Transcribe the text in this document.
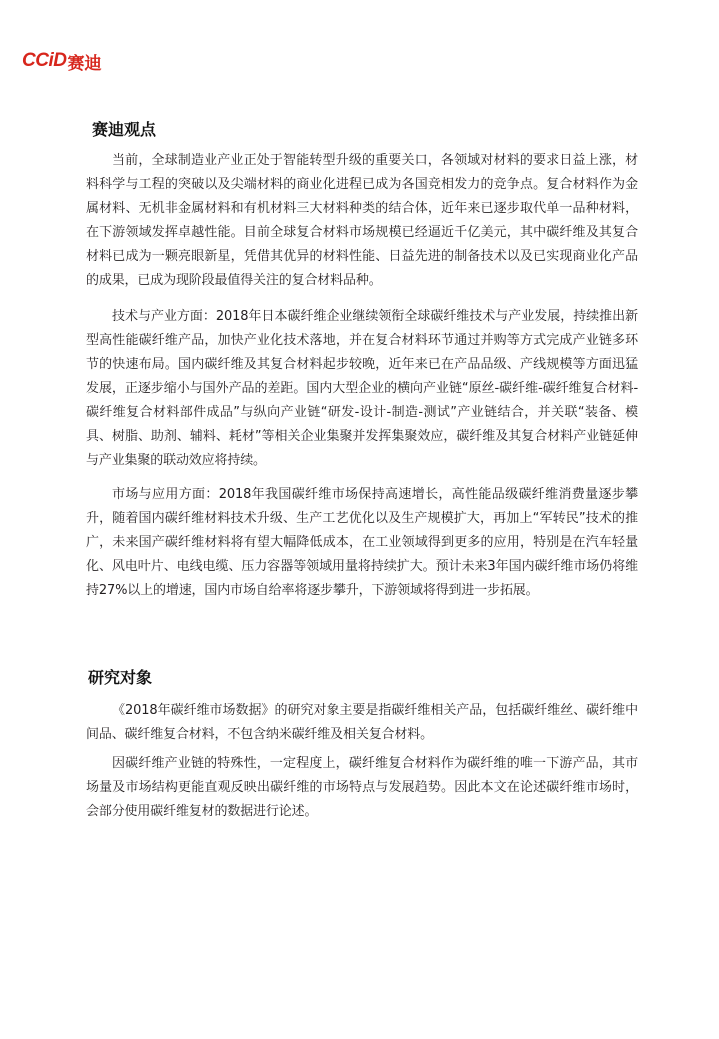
CCiD 赛迪

赛迪观点

当前，全球制造业产业正处于智能转型升级的重要关口，各领域对材料的要求日益上涨，材料科学与工程的突破以及尖端材料的商业化进程已成为各国竞相发力的竞争点。复合材料作为金属材料、无机非金属材料和有机材料三大材料种类的结合体，近年来已逐步取代单一品种材料，在下游领域发挥卓越性能。目前全球复合材料市场规模已经逼近千亿美元，其中碳纤维及其复合材料已成为一颗亮眼新星，凭借其优异的材料性能、日益先进的制备技术以及已实现商业化产品的成果，已成为现阶段最值得关注的复合材料品种。

技术与产业方面：2018年日本碳纤维企业继续领衔全球碳纤维技术与产业发展，持续推出新型高性能碳纤维产品，加快产业化技术落地，并在复合材料环节通过并购等方式完成产业链多环节的快速布局。国内碳纤维及其复合材料起步较晚，近年来已在产品品级、产线规模等方面迅猛发展，正逐步缩小与国外产品的差距。国内大型企业的横向产业链“原丝-碳纤维-碳纤维复合材料-碳纤维复合材料部件成品”与纵向产业链“研发-设计-制造-测试”产业链结合，并关联“装备、模具、树脂、助剂、辅料、耗材”等相关企业集聚并发挥集聚效应，碳纤维及其复合材料产业链延伸与产业集聚的联动效应将持续。

市场与应用方面：2018年我国碳纤维市场保持高速增长，高性能品级碳纤维消费量逐步攀升，随着国内碳纤维材料技术升级、生产工艺优化以及生产规模扩大，再加上“军转民”技术的推广，未来国产碳纤维材料将有望大幅降低成本，在工业领域得到更多的应用，特别是在汽车轻量化、风电叶片、电线电缆、压力容器等领域用量将持续扩大。预计未来3年国内碳纤维市场仍将维持27%以上的增速，国内市场自给率将逐步攀升，下游领域将得到进一步拓展。

研究对象

《2018年碳纤维市场数据》的研究对象主要是指碳纤维相关产品，包括碳纤维丝、碳纤维中间品、碳纤维复合材料，不包含纳米碳纤维及相关复合材料。

因碳纤维产业链的特殊性，一定程度上，碳纤维复合材料作为碳纤维的唯一下游产品，其市场量及市场结构更能直观反映出碳纤维的市场特点与发展趋势。因此本文在论述碳纤维市场时，会部分使用碳纤维复材的数据进行论述。
